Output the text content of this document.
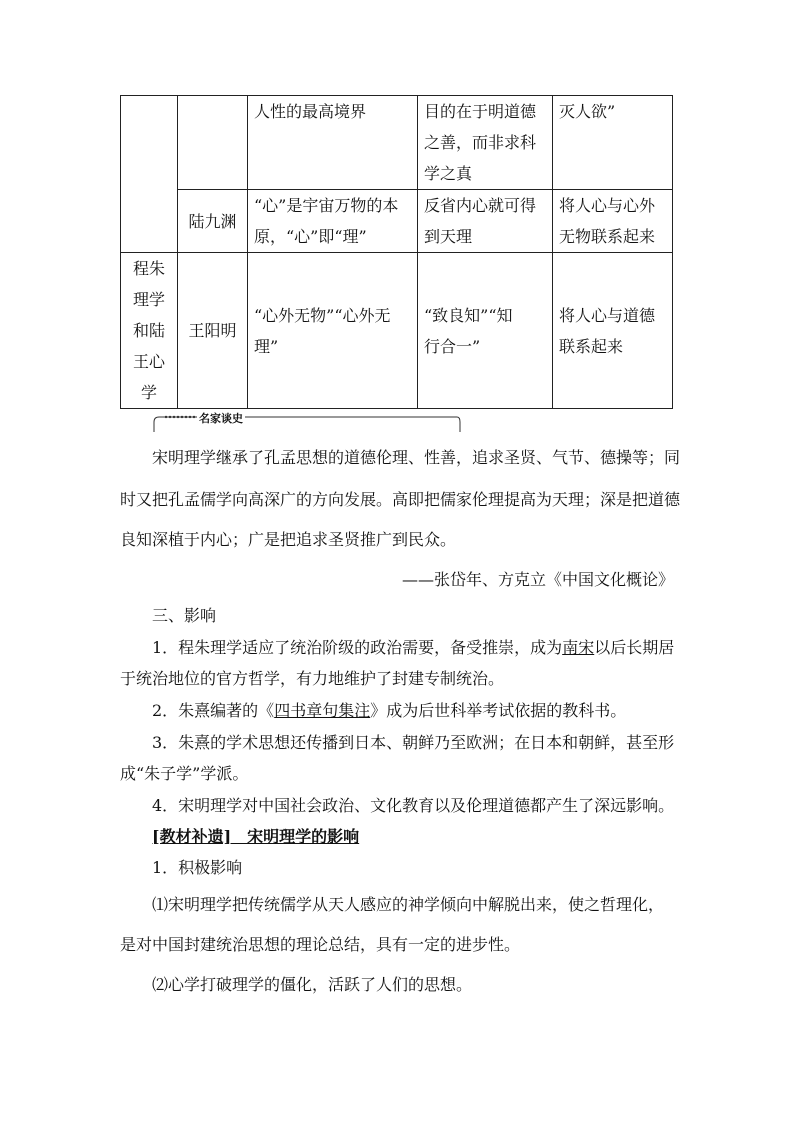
		人性的最高境界	目的在于明道德
之善，而非求科
学之真	灭人欲”
	陆九渊	“心”是宇宙万物的本
原，“心”即“理”	反省内心就可得
到天理	将人心与心外
无物联系起来
程朱
理学
和陆
王心
学	王阳明	“心外无物”“心外无
理”	“致良知”“知
行合一”	将人心与道德
联系起来
名家谈史
宋明理学继承了孔孟思想的道德伦理、性善，追求圣贤、气节、德操等；同
时又把孔孟儒学向高深广的方向发展。高即把儒家伦理提高为天理；深是把道德
良知深植于内心；广是把追求圣贤推广到民众。
——张岱年、方克立《中国文化概论》
三、影响
1．程朱理学适应了统治阶级的政治需要，备受推崇，成为南宋以后长期居
于统治地位的官方哲学，有力地维护了封建专制统治。
2．朱熹编著的《四书章句集注》成为后世科举考试依据的教科书。
3．朱熹的学术思想还传播到日本、朝鲜乃至欧洲；在日本和朝鲜，甚至形
成“朱子学”学派。
4．宋明理学对中国社会政治、文化教育以及伦理道德都产生了深远影响。
[教材补遗]　宋明理学的影响
1．积极影响
⑴宋明理学把传统儒学从天人感应的神学倾向中解脱出来，使之哲理化，
是对中国封建统治思想的理论总结，具有一定的进步性。
⑵心学打破理学的僵化，活跃了人们的思想。
